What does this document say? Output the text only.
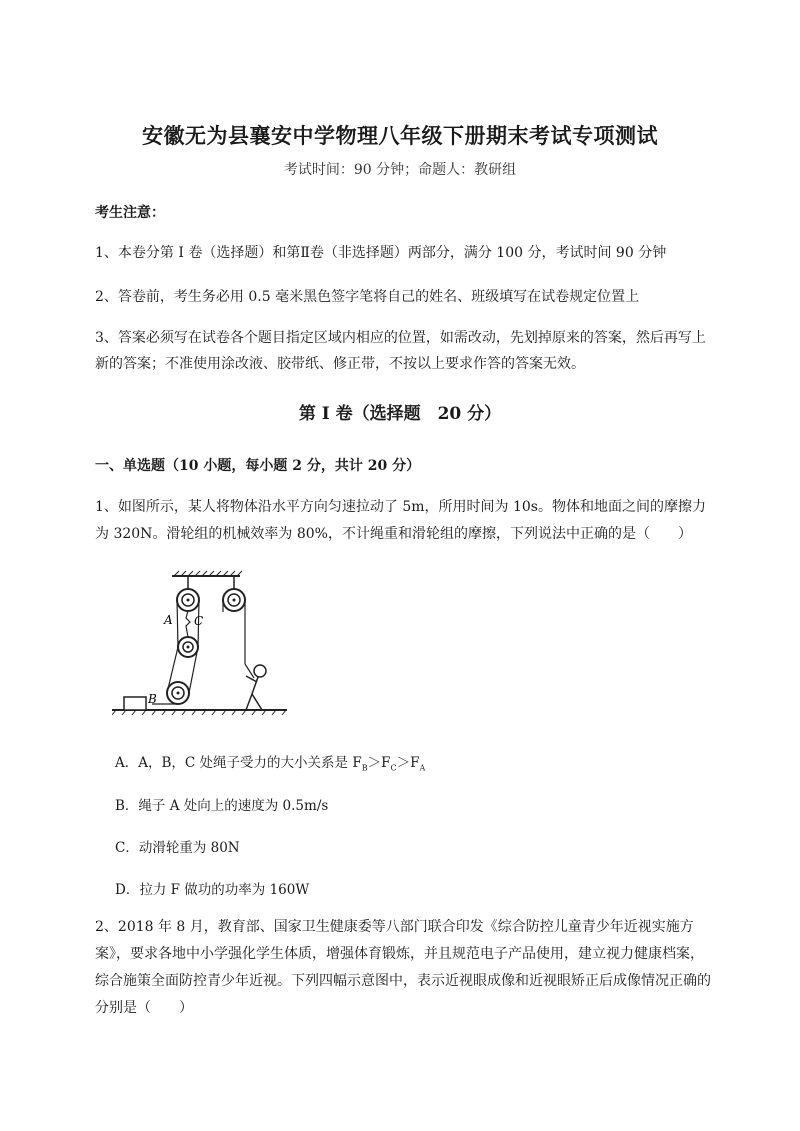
安徽无为县襄安中学物理八年级下册期末考试专项测试
考试时间：90 分钟；命题人：教研组
考生注意：
1、本卷分第 I 卷（选择题）和第Ⅱ卷（非选择题）两部分，满分 100 分，考试时间 90 分钟
2、答卷前，考生务必用 0.5 毫米黑色签字笔将自己的姓名、班级填写在试卷规定位置上
3、答案必须写在试卷各个题目指定区域内相应的位置，如需改动，先划掉原来的答案，然后再写上新的答案；不准使用涂改液、胶带纸、修正带，不按以上要求作答的答案无效。
第 I 卷（选择题　20 分）
一、单选题（10 小题，每小题 2 分，共计 20 分）
1、如图所示，某人将物体沿水平方向匀速拉动了 5m，所用时间为 10s。物体和地面之间的摩擦力为 320N。滑轮组的机械效率为 80%，不计绳重和滑轮组的摩擦，下列说法中正确的是（　　）
A C
B
A．A，B，C 处绳子受力的大小关系是 $F_B>F_C>F_A$
B．绳子 A 处向上的速度为 0.5m/s
C．动滑轮重为 80N
D．拉力 F 做功的功率为 160W
2、2018 年 8 月，教育部、国家卫生健康委等八部门联合印发《综合防控儿童青少年近视实施方案》，要求各地中小学强化学生体质，增强体育锻炼，并且规范电子产品使用，建立视力健康档案，综合施策全面防控青少年近视。下列四幅示意图中，表示近视眼成像和近视眼矫正后成像情况正确的分别是（　　）
